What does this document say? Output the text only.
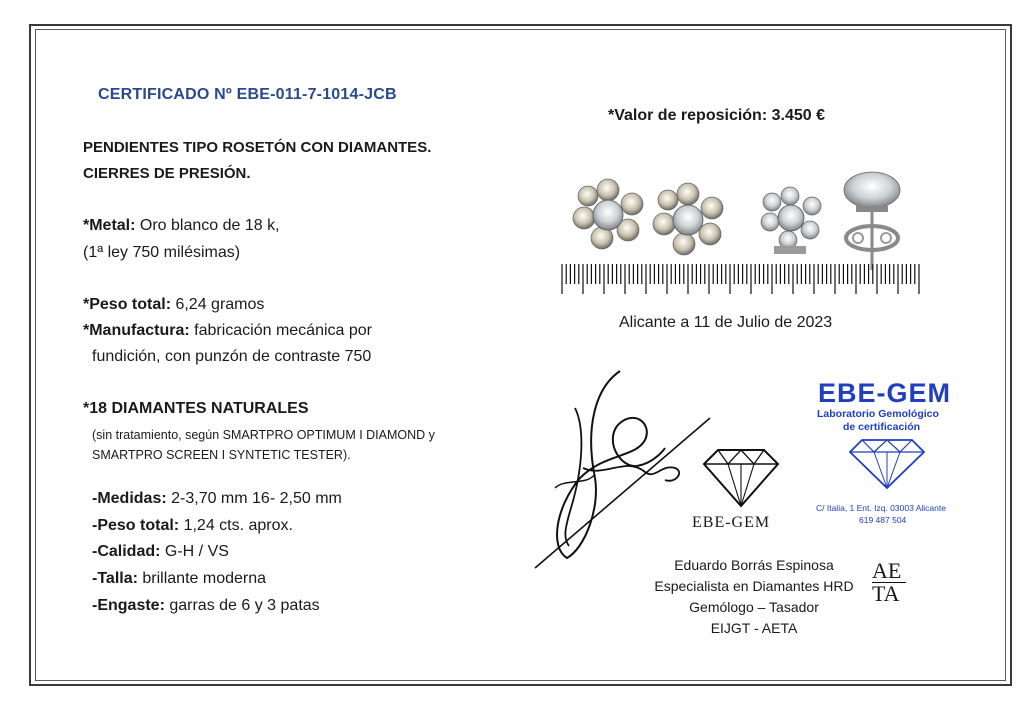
CERTIFICADO Nº EBE-011-7-1014-JCB
PENDIENTES TIPO ROSETÓN CON DIAMANTES.
CIERRES DE PRESIÓN.
*Metal: Oro blanco de 18 k,
(1ª ley 750 milésimas)
*Peso total: 6,24 gramos
*Manufactura: fabricación mecánica por
fundición, con punzón de contraste 750
*18 DIAMANTES NATURALES
(sin tratamiento, según SMARTPRO OPTIMUM I DIAMOND y
SMARTPRO SCREEN I SYNTETIC TESTER).
-Medidas: 2-3,70 mm 16- 2,50 mm
-Peso total: 1,24 cts. aprox.
-Calidad: G-H / VS
-Talla: brillante moderna
-Engaste: garras de 6 y 3 patas
*Valor de reposición: 3.450 €
Alicante a 11 de Julio de 2023
EBE-GEM
EBE-GEM
Laboratorio Gemológico
de certificación
C/ Italia, 1 Ent. Izq. 03003 Alicante
619 487 504
Eduardo Borrás Espinosa
Especialista en Diamantes HRD
Gemólogo – Tasador
EIJGT - AETA
AE
TA
